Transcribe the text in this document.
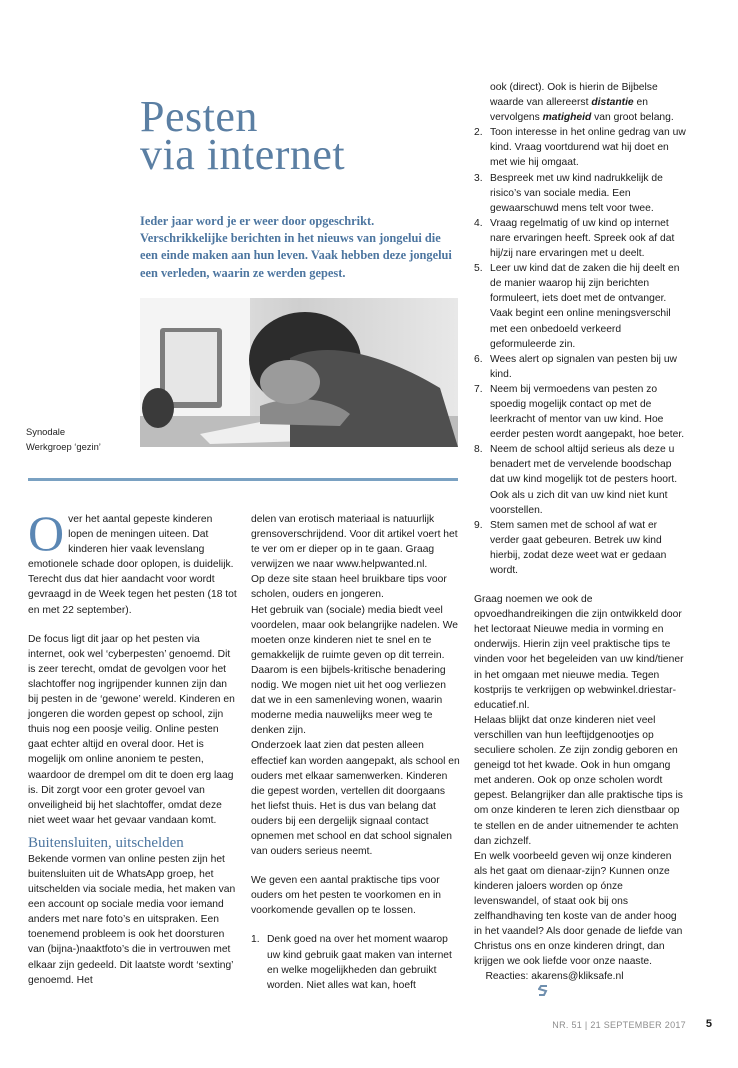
Pesten
via internet
Ieder jaar word je er weer door opgeschrikt. Verschrikkelijke berichten in het nieuws van jongelui die een einde maken aan hun leven. Vaak hebben deze jongelui een verleden, waarin ze werden gepest.
Synodale
Werkgroep ‘gezin’

Over het aantal gepeste kinderen lopen de meningen uiteen. Dat kinderen hier vaak levenslang emotionele schade door oplopen, is duidelijk. Terecht dus dat hier aandacht voor wordt gevraagd in de Week tegen het pesten (18 tot en met 22 september).

De focus ligt dit jaar op het pesten via internet, ook wel ‘cyberpesten’ genoemd. Dit is zeer terecht, omdat de gevolgen voor het slachtoffer nog ingrijpender kunnen zijn dan bij pesten in de ‘gewone’ wereld. Kinderen en jongeren die worden gepest op school, zijn thuis nog een poosje veilig. Online pesten gaat echter altijd en overal door. Het is mogelijk om online anoniem te pesten, waardoor de drempel om dit te doen erg laag is. Dit zorgt voor een groter gevoel van onveiligheid bij het slachtoffer, omdat deze niet weet waar het gevaar vandaan komt.

Buitensluiten, uitschelden

Bekende vormen van online pesten zijn het buitensluiten uit de WhatsApp groep, het uitschelden via sociale media, het maken van een account op sociale media voor iemand anders met nare foto’s en uitspraken. Een toenemend probleem is ook het doorsturen van (bijna-)naaktfoto’s die in vertrouwen met elkaar zijn gedeeld. Dit laatste wordt ‘sexting’ genoemd. Het

delen van erotisch materiaal is natuurlijk grensoverschrijdend. Voor dit artikel voert het te ver om er dieper op in te gaan. Graag verwijzen we naar www.helpwanted.nl.

Op deze site staan heel bruikbare tips voor scholen, ouders en jongeren.

Het gebruik van (sociale) media biedt veel voordelen, maar ook belangrijke nadelen. We moeten onze kinderen niet te snel en te gemakkelijk de ruimte geven op dit terrein. Daarom is een bijbels-kritische benadering nodig. We mogen niet uit het oog verliezen dat we in een samenleving wonen, waarin moderne media nauwelijks meer weg te denken zijn.

Onderzoek laat zien dat pesten alleen effectief kan worden aangepakt, als school en ouders met elkaar samenwerken. Kinderen die gepest worden, vertellen dit doorgaans het liefst thuis. Het is dus van belang dat ouders bij een dergelijk signaal contact opnemen met school en dat school signalen van ouders serieus neemt.

We geven een aantal praktische tips voor ouders om het pesten te voorkomen en in voorkomende gevallen op te lossen.

1. Denk goed na over het moment waarop uw kind gebruik gaat maken van internet en welke mogelijkheden dan gebruikt worden. Niet alles wat kan, hoeft
ook (direct). Ook is hierin de Bijbelse waarde van allereerst distantie en vervolgens matigheid van groot belang.
2. Toon interesse in het online gedrag van uw kind. Vraag voortdurend wat hij doet en met wie hij omgaat.
3. Bespreek met uw kind nadrukkelijk de risico’s van sociale media. Een gewaarschuwd mens telt voor twee.
4. Vraag regelmatig of uw kind op internet nare ervaringen heeft. Spreek ook af dat hij/zij nare ervaringen met u deelt.
5. Leer uw kind dat de zaken die hij deelt en de manier waarop hij zijn berichten formuleert, iets doet met de ontvanger. Vaak begint een online meningsverschil met een onbedoeld verkeerd geformuleerde zin.
6. Wees alert op signalen van pesten bij uw kind.
7. Neem bij vermoedens van pesten zo spoedig mogelijk contact op met de leerkracht of mentor van uw kind. Hoe eerder pesten wordt aangepakt, hoe beter.
8. Neem de school altijd serieus als deze u benadert met de vervelende boodschap dat uw kind mogelijk tot de pesters hoort. Ook als u zich dit van uw kind niet kunt voorstellen.
9. Stem samen met de school af wat er verder gaat gebeuren. Betrek uw kind hierbij, zodat deze weet wat er gedaan wordt.

Graag noemen we ook de opvoedhandreikingen die zijn ontwikkeld door het lectoraat Nieuwe media in vorming en onderwijs. Hierin zijn veel praktische tips te vinden voor het begeleiden van uw kind/tiener in het omgaan met nieuwe media. Tegen kostprijs te verkrijgen op webwinkel.driestar-educatief.nl.

Helaas blijkt dat onze kinderen niet veel verschillen van hun leeftijdgenootjes op seculiere scholen. Ze zijn zondig geboren en geneigd tot het kwade. Ook in hun omgang met anderen. Ook op onze scholen wordt gepest. Belangrijker dan alle praktische tips is om onze kinderen te leren zich dienstbaar op te stellen en de ander uitnemender te achten dan zichzelf.

En welk voorbeeld geven wij onze kinderen als het gaat om dienaar-zijn? Kunnen onze kinderen jaloers worden op ónze levenswandel, of staat ook bij ons zelfhandhaving ten koste van de ander hoog in het vaandel? Als door genade de liefde van Christus ons en onze kinderen dringt, dan krijgen we ook liefde voor onze naaste.

Reacties: akarens@kliksafe.nl

NR. 51 | 21 SEPTEMBER 2017 5
